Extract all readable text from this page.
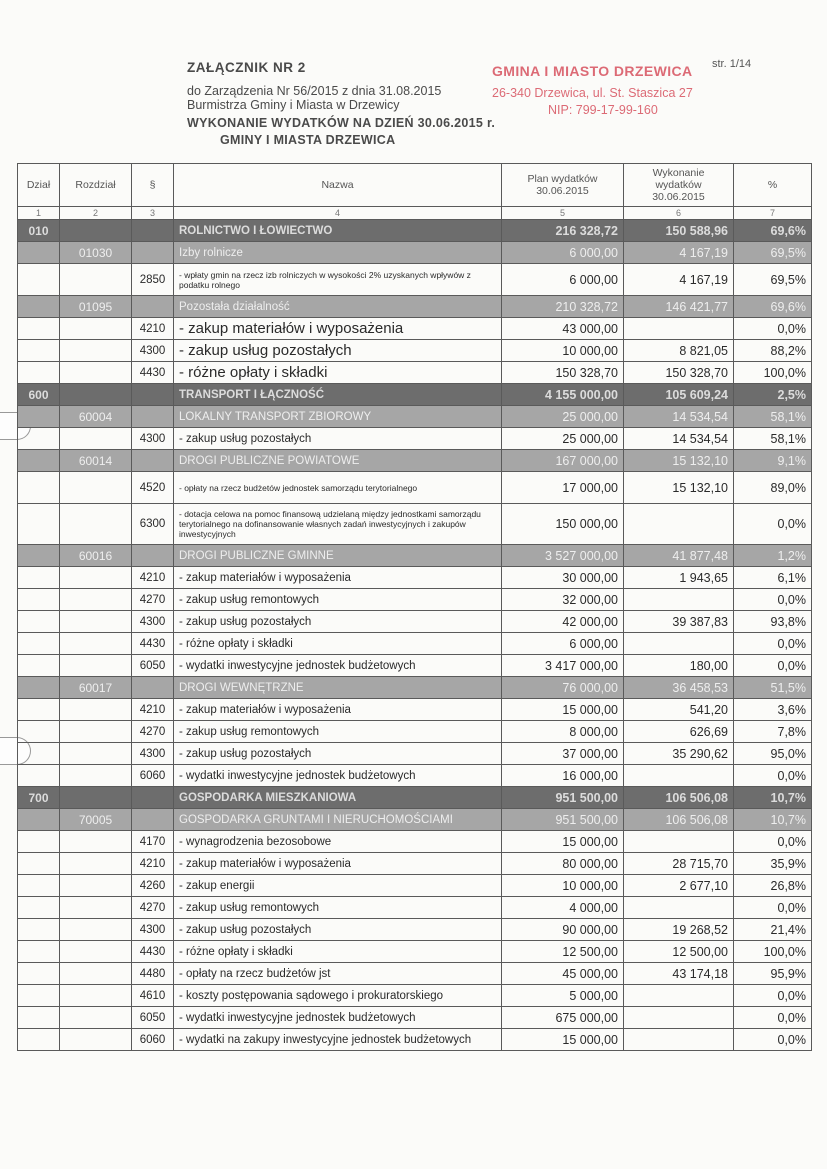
ZAŁĄCZNIK NR 2
do Zarządzenia Nr 56/2015 z dnia 31.08.2015
Burmistrza Gminy i Miasta w Drzewicy
WYKONANIE WYDATKÓW NA DZIEŃ 30.06.2015 r.
GMINY I MIASTA DRZEWICA
GMINA I MIASTO DRZEWICA
26-340 Drzewica, ul. St. Staszica 27
NIP: 799-17-99-160
str. 1/14
Dział	Rozdział	§	Nazwa	Plan wydatków 30.06.2015	Wykonanie wydatków 30.06.2015	%
1	2	3	4	5	6	7
010			ROLNICTWO I ŁOWIECTWO	216 328,72	150 588,96	69,6%
	01030		Izby rolnicze	6 000,00	4 167,19	69,5%
		2850	- wpłaty gmin na rzecz izb rolniczych w wysokości 2% uzyskanych wpływów z podatku rolnego	6 000,00	4 167,19	69,5%
	01095		Pozostała działalność	210 328,72	146 421,77	69,6%
		4210	- zakup materiałów i wyposażenia	43 000,00		0,0%
		4300	- zakup usług pozostałych	10 000,00	8 821,05	88,2%
		4430	- różne opłaty i składki	150 328,70	150 328,70	100,0%
600			TRANSPORT I ŁĄCZNOŚĆ	4 155 000,00	105 609,24	2,5%
	60004		LOKALNY TRANSPORT ZBIOROWY	25 000,00	14 534,54	58,1%
		4300	- zakup usług pozostałych	25 000,00	14 534,54	58,1%
	60014		DROGI PUBLICZNE POWIATOWE	167 000,00	15 132,10	9,1%
		4520	- opłaty na rzecz budżetów jednostek samorządu terytorialnego	17 000,00	15 132,10	89,0%
		6300	- dotacja celowa na pomoc finansową udzielaną między jednostkami samorządu terytorialnego na dofinansowanie własnych zadań inwestycyjnych i zakupów inwestycyjnych	150 000,00		0,0%
	60016		DROGI PUBLICZNE GMINNE	3 527 000,00	41 877,48	1,2%
		4210	- zakup materiałów i wyposażenia	30 000,00	1 943,65	6,1%
		4270	- zakup usług remontowych	32 000,00		0,0%
		4300	- zakup usług pozostałych	42 000,00	39 387,83	93,8%
		4430	- różne opłaty i składki	6 000,00		0,0%
		6050	- wydatki inwestycyjne jednostek budżetowych	3 417 000,00	180,00	0,0%
	60017		DROGI WEWNĘTRZNE	76 000,00	36 458,53	51,5%
		4210	- zakup materiałów i wyposażenia	15 000,00	541,20	3,6%
		4270	- zakup usług remontowych	8 000,00	626,69	7,8%
		4300	- zakup usług pozostałych	37 000,00	35 290,62	95,0%
		6060	- wydatki inwestycyjne jednostek budżetowych	16 000,00		0,0%
700			GOSPODARKA MIESZKANIOWA	951 500,00	106 506,08	10,7%
	70005		GOSPODARKA GRUNTAMI I NIERUCHOMOŚCIAMI	951 500,00	106 506,08	10,7%
		4170	- wynagrodzenia bezosobowe	15 000,00		0,0%
		4210	- zakup materiałów i wyposażenia	80 000,00	28 715,70	35,9%
		4260	- zakup energii	10 000,00	2 677,10	26,8%
		4270	- zakup usług remontowych	4 000,00		0,0%
		4300	- zakup usług pozostałych	90 000,00	19 268,52	21,4%
		4430	- różne opłaty i składki	12 500,00	12 500,00	100,0%
		4480	- opłaty na rzecz budżetów jst	45 000,00	43 174,18	95,9%
		4610	- koszty postępowania sądowego i prokuratorskiego	5 000,00		0,0%
		6050	- wydatki inwestycyjne jednostek budżetowych	675 000,00		0,0%
		6060	- wydatki na zakupy inwestycyjne jednostek budżetowych	15 000,00		0,0%
